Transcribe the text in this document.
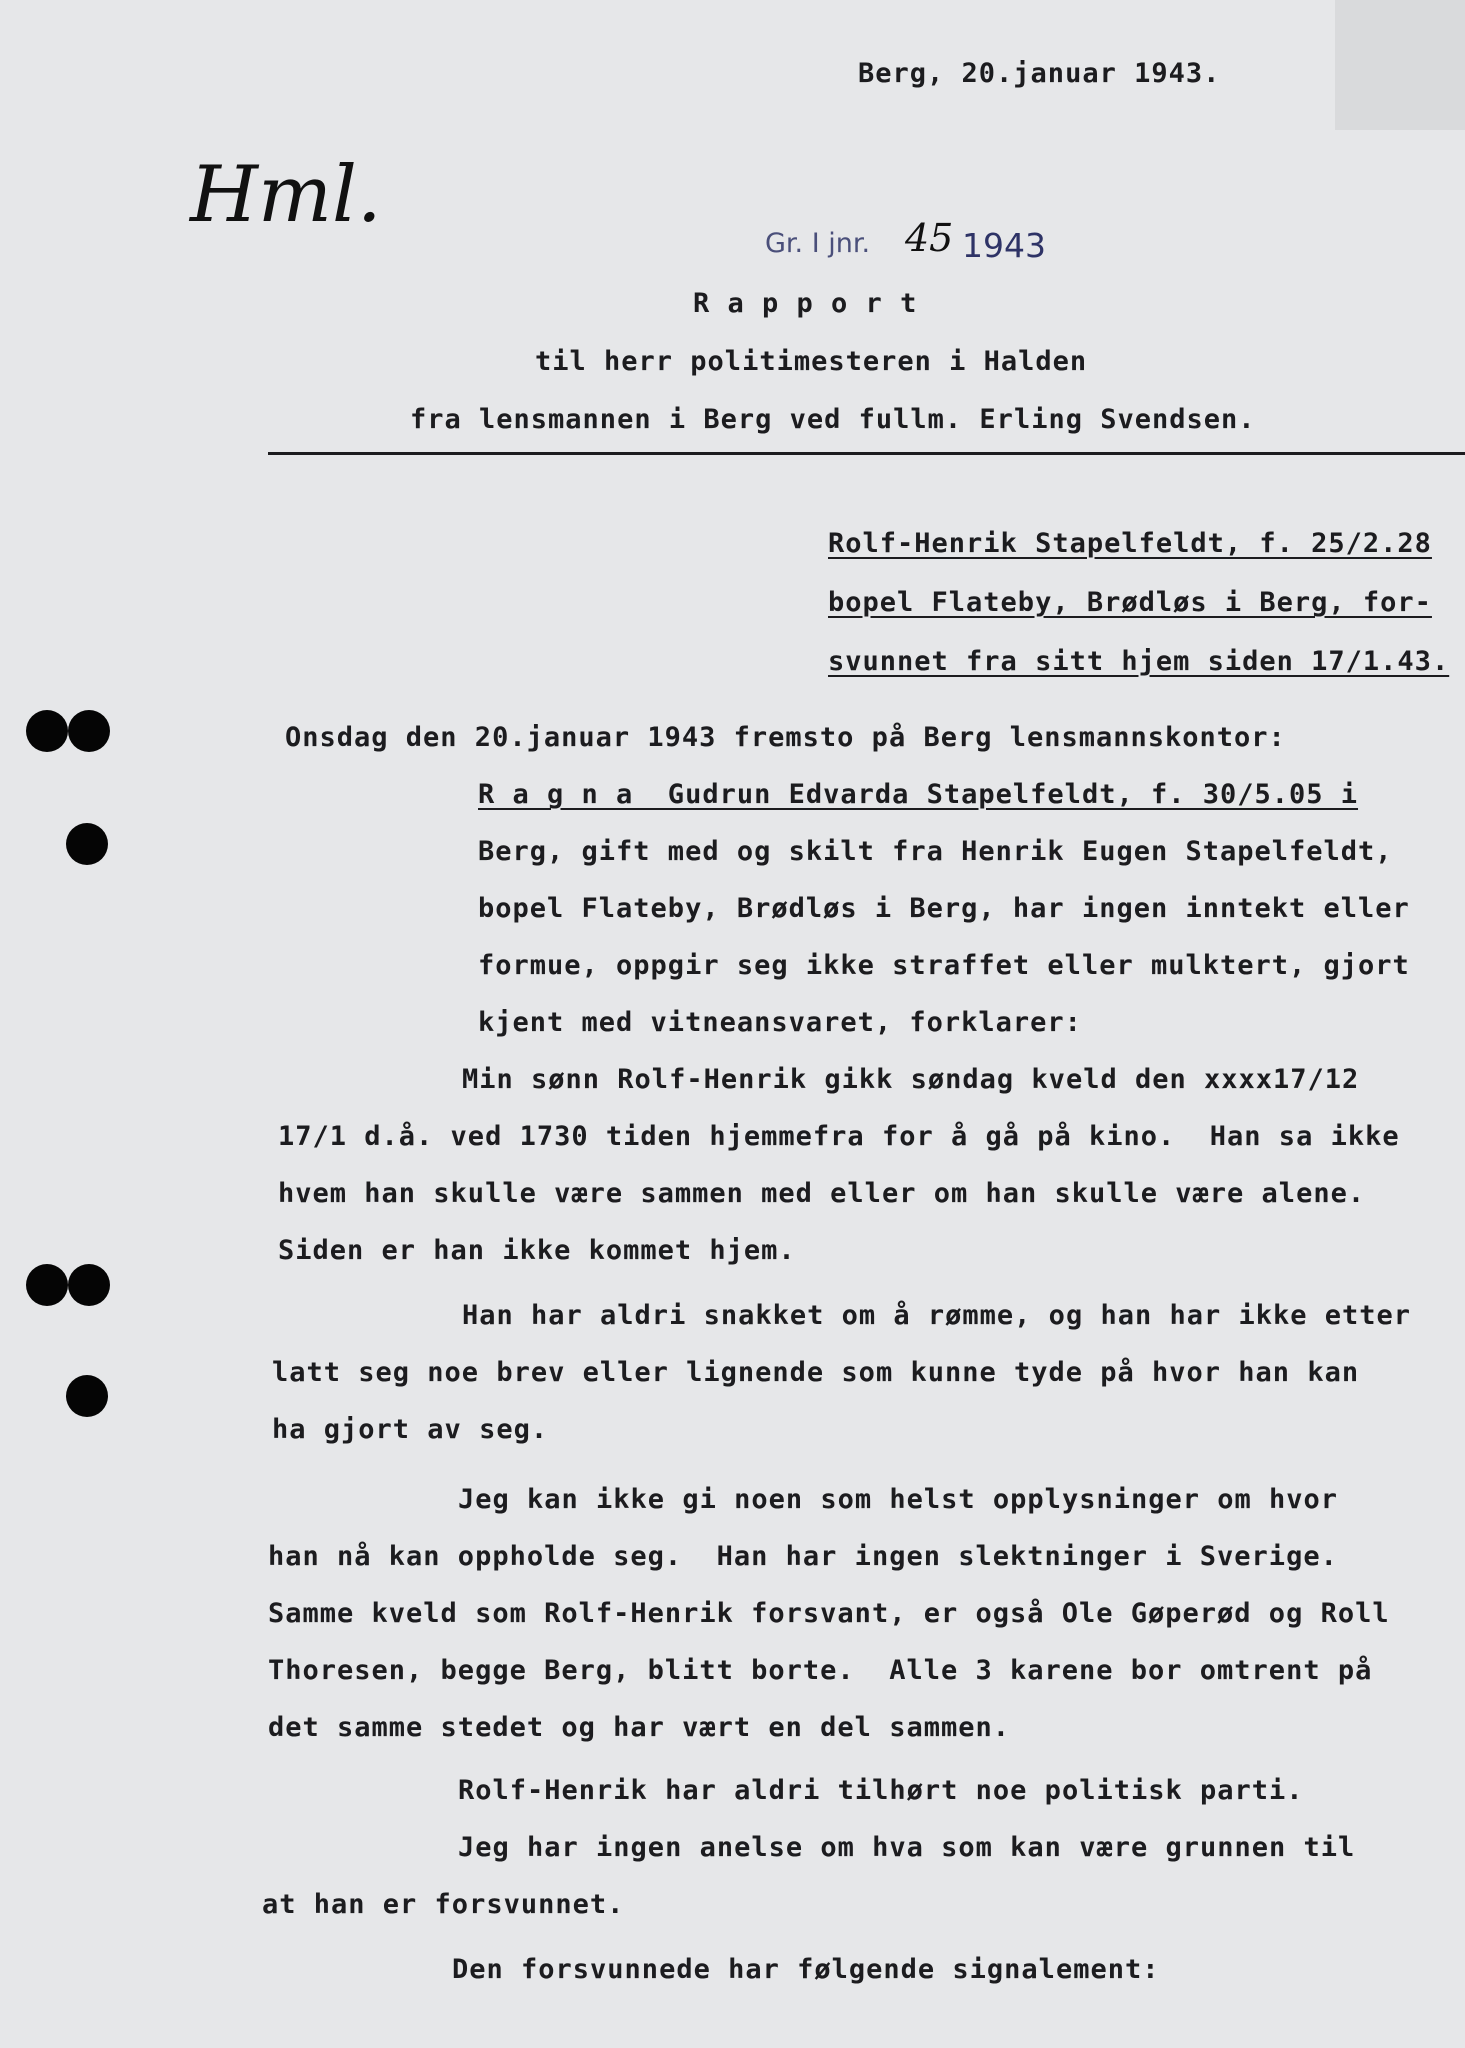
Berg, 20.januar 1943.
Hml.
Gr. I jnr. 45 1943
R a p p o r t
til herr politimesteren i Halden
fra lensmannen i Berg ved fullm. Erling Svendsen.
Rolf-Henrik Stapelfeldt, f. 25/2.28
bopel Flateby, Brødløs i Berg, for-
svunnet fra sitt hjem siden 17/1.43.
Onsdag den 20.januar 1943 fremsto på Berg lensmannskontor:
R a g n a  Gudrun Edvarda Stapelfeldt, f. 30/5.05 i
Berg, gift med og skilt fra Henrik Eugen Stapelfeldt,
bopel Flateby, Brødløs i Berg, har ingen inntekt eller
formue, oppgir seg ikke straffet eller mulktert, gjort
kjent med vitneansvaret, forklarer:
Min sønn Rolf-Henrik gikk søndag kveld den xxxx17/12
17/1 d.å. ved 1730 tiden hjemmefra for å gå på kino.  Han sa ikke
hvem han skulle være sammen med eller om han skulle være alene.
Siden er han ikke kommet hjem.
Han har aldri snakket om å rømme, og han har ikke etter
latt seg noe brev eller lignende som kunne tyde på hvor han kan
ha gjort av seg.
Jeg kan ikke gi noen som helst opplysninger om hvor
han nå kan oppholde seg.  Han har ingen slektninger i Sverige.
Samme kveld som Rolf-Henrik forsvant, er også Ole Gøperød og Roll
Thoresen, begge Berg, blitt borte.  Alle 3 karene bor omtrent på
det samme stedet og har vært en del sammen.
Rolf-Henrik har aldri tilhørt noe politisk parti.
Jeg har ingen anelse om hva som kan være grunnen til
at han er forsvunnet.
Den forsvunnede har følgende signalement:
